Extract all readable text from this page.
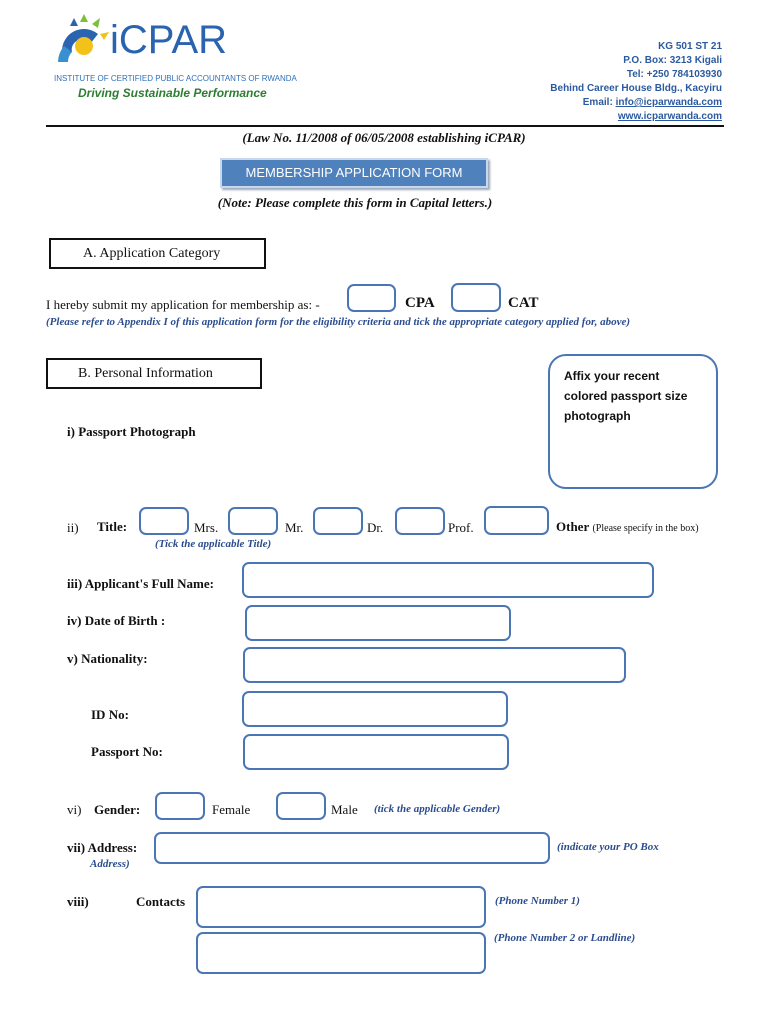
iCPAR
INSTITUTE OF CERTIFIED PUBLIC ACCOUNTANTS OF RWANDA
Driving Sustainable Performance
KG 501 ST 21
P.O. Box: 3213 Kigali
Tel: +250 784103930
Behind Career House Bldg., Kacyiru
Email: info@icparwanda.com
www.icparwanda.com
(Law No. 11/2008 of 06/05/2008 establishing iCPAR)
MEMBERSHIP APPLICATION FORM
(Note: Please complete this form in Capital letters.)
A. Application Category
I hereby submit my application for membership as: -	CPA	CAT
(Please refer to Appendix I of this application form for the eligibility criteria and tick the appropriate category applied for, above)
B. Personal Information	Affix your recent colored passport size photograph
i) Passport Photograph
ii) Title:	Mrs.	Mr.	Dr.	Prof.	Other (Please specify in the box)
(Tick the applicable Title)
iii) Applicant's Full Name:
iv) Date of Birth :
v) Nationality:
ID No:
Passport No:
vi) Gender:	Female	Male (tick the applicable Gender)
vii) Address:
Address)
(indicate your PO Box
viii)	Contacts	(Phone Number 1)
(Phone Number 2 or Landline)
